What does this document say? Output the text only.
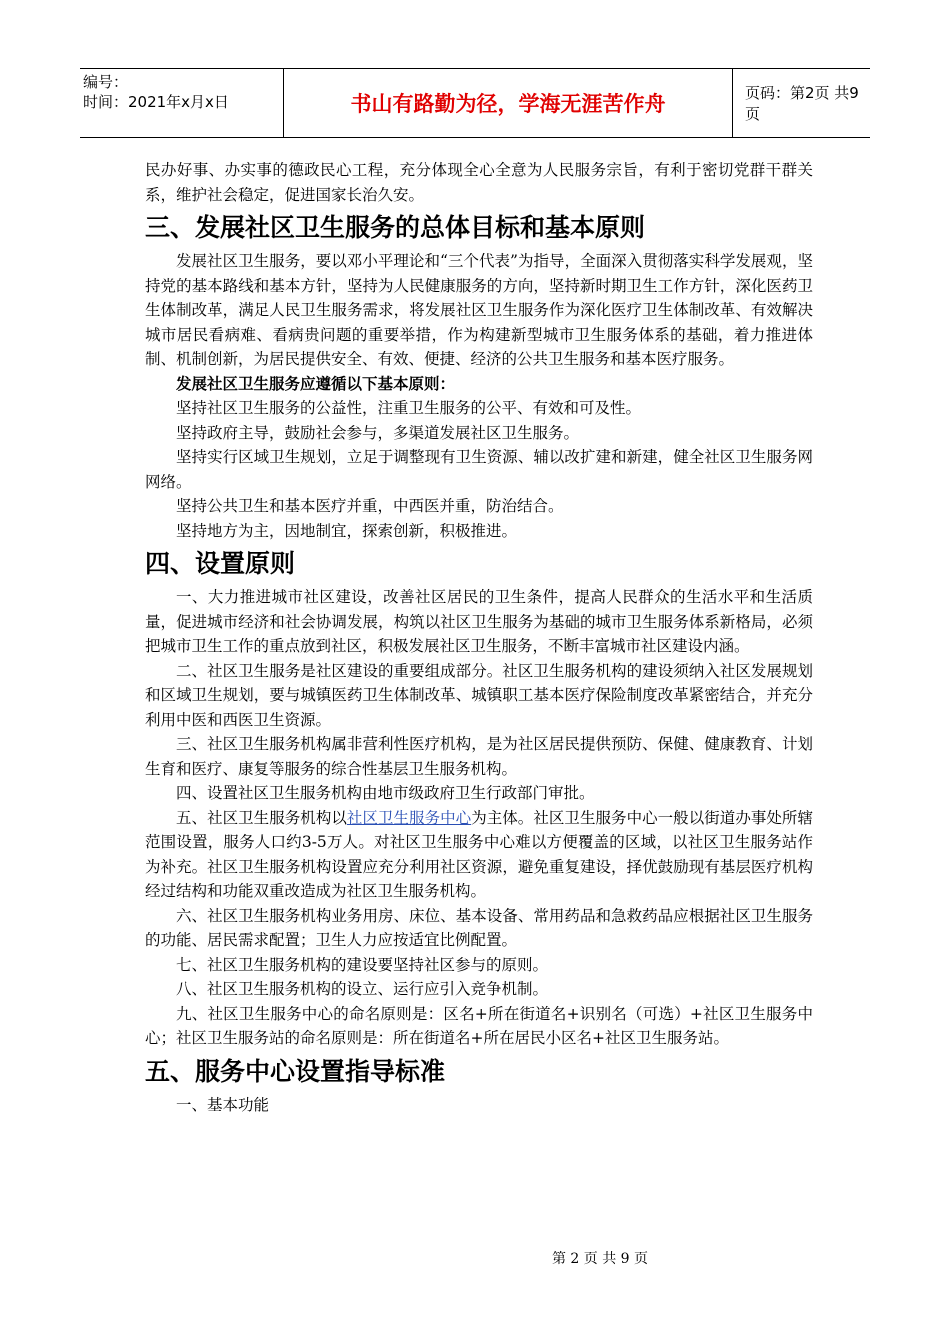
编号：
时间：2021年x月x日	书山有路勤为径，学海无涯苦作舟	页码：第2页 共9页

民办好事、办实事的德政民心工程，充分体现全心全意为人民服务宗旨，有利于密切党群干群关系，维护社会稳定，促进国家长治久安。

三、发展社区卫生服务的总体目标和基本原则

发展社区卫生服务，要以邓小平理论和“三个代表”为指导，全面深入贯彻落实科学发展观，坚持党的基本路线和基本方针，坚持为人民健康服务的方向，坚持新时期卫生工作方针，深化医药卫生体制改革，满足人民卫生服务需求，将发展社区卫生服务作为深化医疗卫生体制改革、有效解决城市居民看病难、看病贵问题的重要举措，作为构建新型城市卫生服务体系的基础，着力推进体制、机制创新，为居民提供安全、有效、便捷、经济的公共卫生服务和基本医疗服务。

发展社区卫生服务应遵循以下基本原则：

坚持社区卫生服务的公益性，注重卫生服务的公平、有效和可及性。

坚持政府主导，鼓励社会参与，多渠道发展社区卫生服务。

坚持实行区域卫生规划，立足于调整现有卫生资源、辅以改扩建和新建，健全社区卫生服务网网络。

坚持公共卫生和基本医疗并重，中西医并重，防治结合。

坚持地方为主，因地制宜，探索创新，积极推进。

四、设置原则

一、大力推进城市社区建设，改善社区居民的卫生条件，提高人民群众的生活水平和生活质量，促进城市经济和社会协调发展，构筑以社区卫生服务为基础的城市卫生服务体系新格局，必须把城市卫生工作的重点放到社区，积极发展社区卫生服务，不断丰富城市社区建设内涵。

二、社区卫生服务是社区建设的重要组成部分。社区卫生服务机构的建设须纳入社区发展规划和区域卫生规划，要与城镇医药卫生体制改革、城镇职工基本医疗保险制度改革紧密结合，并充分利用中医和西医卫生资源。

三、社区卫生服务机构属非营利性医疗机构，是为社区居民提供预防、保健、健康教育、计划生育和医疗、康复等服务的综合性基层卫生服务机构。

四、设置社区卫生服务机构由地市级政府卫生行政部门审批。

五、社区卫生服务机构以社区卫生服务中心为主体。社区卫生服务中心一般以街道办事处所辖范围设置，服务人口约3-5万人。对社区卫生服务中心难以方便覆盖的区域，以社区卫生服务站作为补充。社区卫生服务机构设置应充分利用社区资源，避免重复建设，择优鼓励现有基层医疗机构经过结构和功能双重改造成为社区卫生服务机构。

六、社区卫生服务机构业务用房、床位、基本设备、常用药品和急救药品应根据社区卫生服务的功能、居民需求配置；卫生人力应按适宜比例配置。

七、社区卫生服务机构的建设要坚持社区参与的原则。

八、社区卫生服务机构的设立、运行应引入竞争机制。

九、社区卫生服务中心的命名原则是：区名+所在街道名+识别名（可选）+社区卫生服务中心；社区卫生服务站的命名原则是：所在街道名+所在居民小区名+社区卫生服务站。

五、服务中心设置指导标准

一、基本功能

第 2 页 共 9 页
